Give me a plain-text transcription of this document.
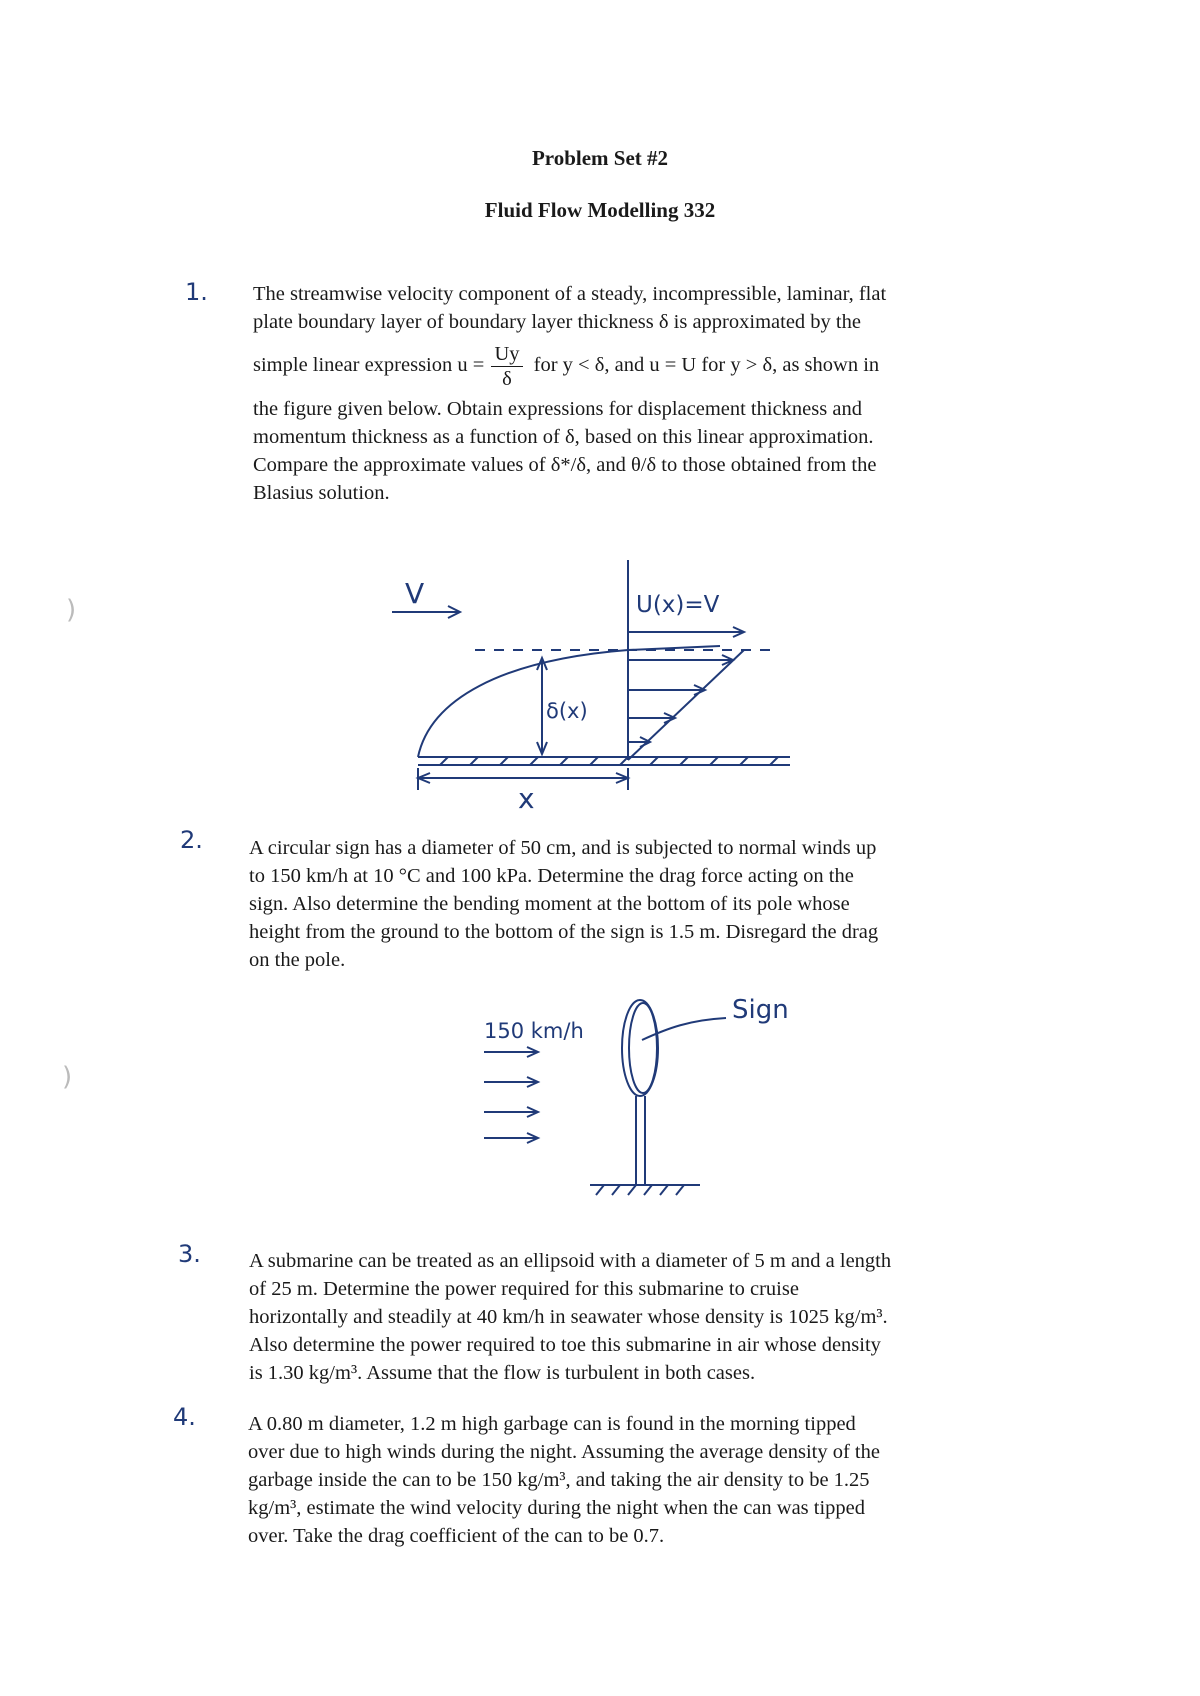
Problem Set #2
Fluid Flow Modelling 332
1. The streamwise velocity component of a steady, incompressible, laminar, flat
plate boundary layer of boundary layer thickness δ is approximated by the
simple linear expression $u = \frac{Uy}{\delta}$ for y < δ, and u = U for y > δ, as shown in
the figure given below. Obtain expressions for displacement thickness and
momentum thickness as a function of δ, based on this linear approximation.
Compare the approximate values of δ*/δ, and θ/δ to those obtained from the
Blasius solution.
V	U(x)=V
δ(x)
x
2. A circular sign has a diameter of 50 cm, and is subjected to normal winds up
to 150 km/h at 10 °C and 100 kPa. Determine the drag force acting on the
sign. Also determine the bending moment at the bottom of its pole whose
height from the ground to the bottom of the sign is 1.5 m. Disregard the drag
on the pole.
150 km/h
Sign
3. A submarine can be treated as an ellipsoid with a diameter of 5 m and a length
of 25 m. Determine the power required for this submarine to cruise
horizontally and steadily at 40 km/h in seawater whose density is 1025 kg/m³.
Also determine the power required to toe this submarine in air whose density
is 1.30 kg/m³. Assume that the flow is turbulent in both cases.
4.	A 0.80 m diameter, 1.2 m high garbage can is found in the morning tipped
over due to high winds during the night. Assuming the average density of the
garbage inside the can to be 150 kg/m³, and taking the air density to be 1.25
kg/m³, estimate the wind velocity during the night when the can was tipped
over. Take the drag coefficient of the can to be 0.7.
)
)
